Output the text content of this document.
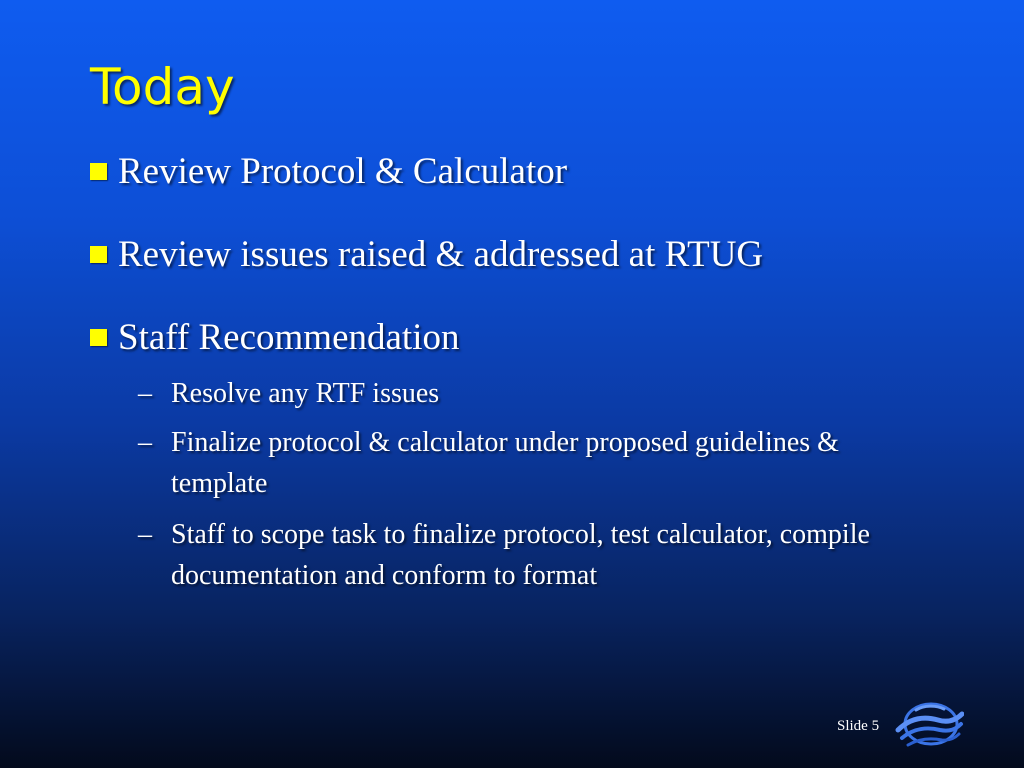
Today
Review Protocol & Calculator
Review issues raised & addressed at RTUG
Staff Recommendation
– Resolve any RTF issues
– Finalize protocol & calculator under proposed guidelines & template
– Staff to scope task to finalize protocol, test calculator, compile documentation and conform to format
Slide 5
